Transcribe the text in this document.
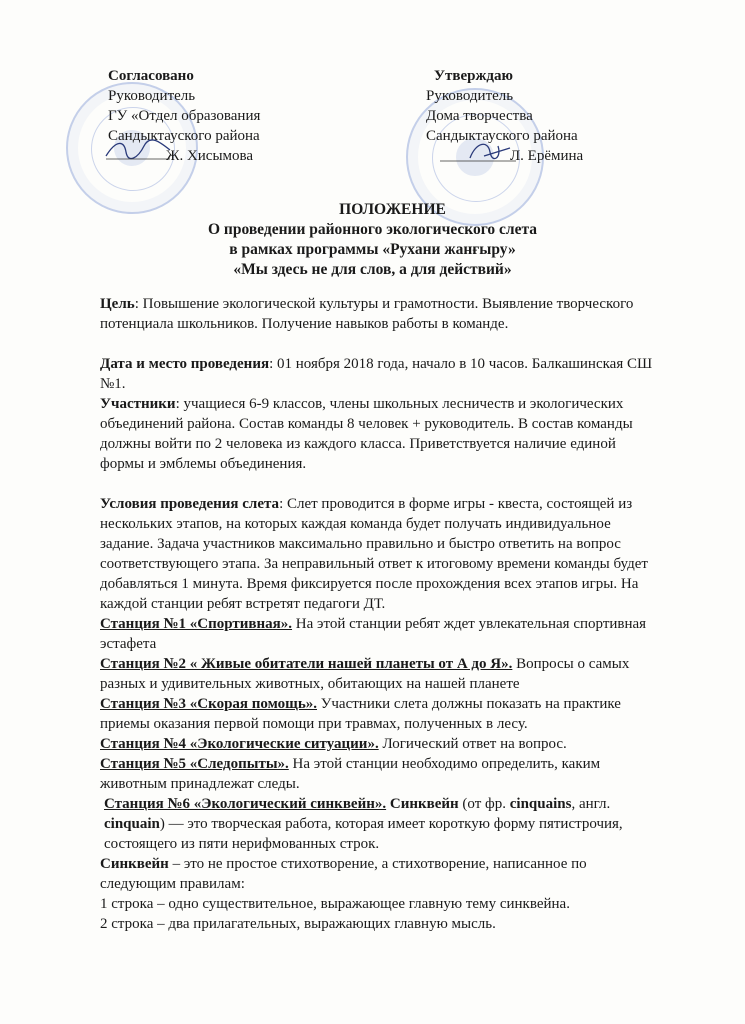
Согласовано
Руководитель
ГУ «Отдел образования
Сандыктауского района
Ж. Хисымова
Утверждаю
Руководитель
Дома творчества
Сандыктауского района
Л. Ерёмина
ПОЛОЖЕНИЕ
О проведении районного экологического слета
в рамках программы «Рухани жанғыру»
«Мы здесь не для слов, а для действий»

Цель: Повышение экологической культуры и грамотности. Выявление творческого потенциала школьников. Получение навыков работы в команде.

Дата и место проведения: 01 ноября 2018 года, начало в 10 часов. Балкашинская СШ №1.

Участники: учащиеся 6-9 классов, члены школьных лесничеств и экологических объединений района. Состав команды 8 человек + руководитель. В состав команды должны войти по 2 человека из каждого класса. Приветствуется наличие единой формы и эмблемы объединения.

Условия проведения слета: Слет проводится в форме игры - квеста, состоящей из нескольких этапов, на которых каждая команда будет получать индивидуальное задание. Задача участников максимально правильно и быстро ответить на вопрос соответствующего этапа. За неправильный ответ к итоговому времени команды будет добавляться 1 минута. Время фиксируется после прохождения всех этапов игры. На каждой станции ребят встретят педагоги ДТ.

Станция №1 «Спортивная». На этой станции ребят ждет увлекательная спортивная эстафета

Станция №2 « Живые обитатели нашей планеты от А до Я». Вопросы о самых разных и удивительных животных, обитающих на нашей планете

Станция №3 «Скорая помощь». Участники слета должны показать на практике приемы оказания первой помощи при травмах, полученных в лесу.

Станция №4 «Экологические ситуации». Логический ответ на вопрос.

Станция №5 «Следопыты». На этой станции необходимо определить, каким животным принадлежат следы.

Станция №6 «Экологический синквейн». Синквейн (от фр. cinquains, англ. cinquain) — это творческая работа, которая имеет короткую форму пятистрочия, состоящего из пяти нерифмованных строк.

Синквейн – это не простое стихотворение, а стихотворение, написанное по следующим правилам:

1 строка – одно существительное, выражающее главную тему синквейна.

2 строка – два прилагательных, выражающих главную мысль.
